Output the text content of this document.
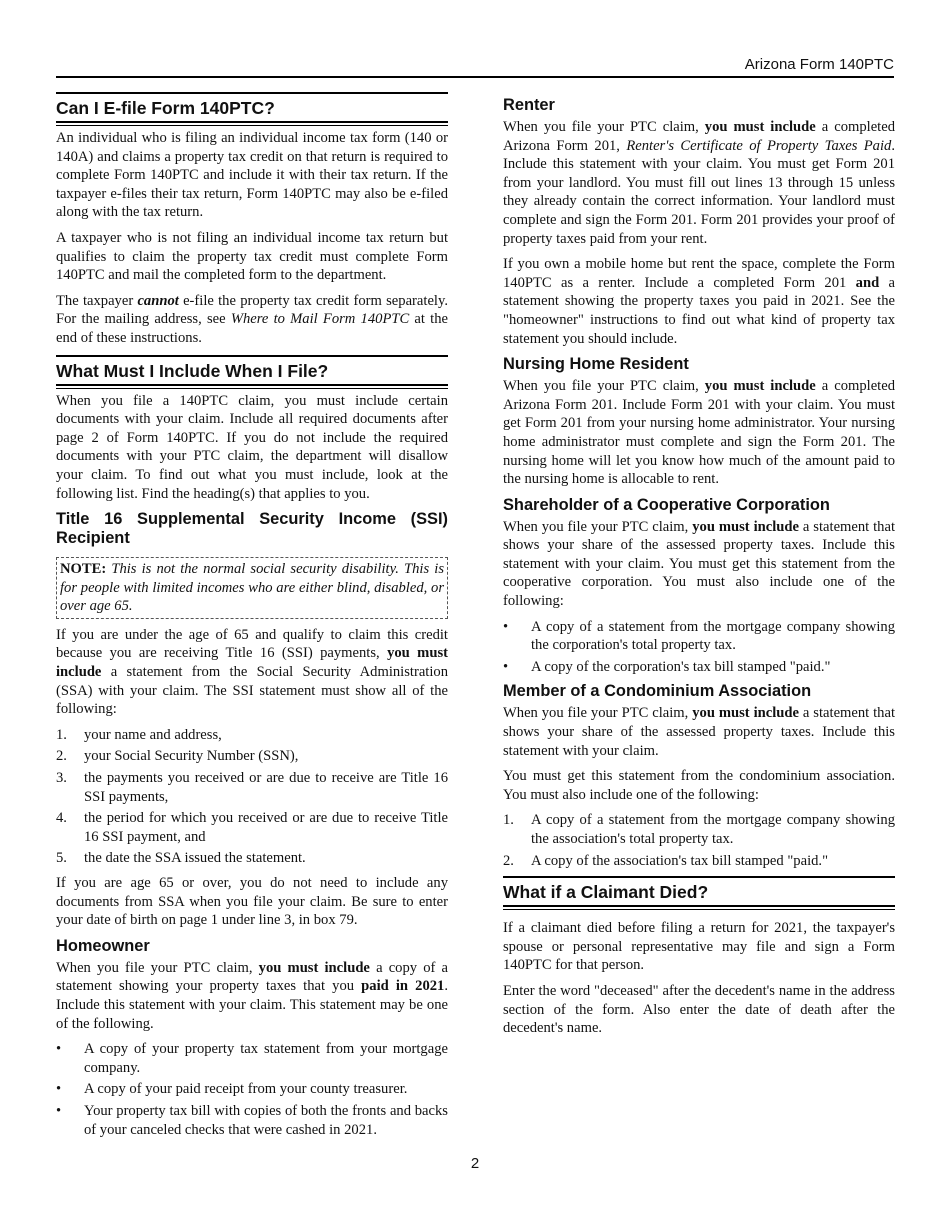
Arizona Form 140PTC
Can I E-file Form 140PTC?

An individual who is filing an individual income tax form (140 or 140A) and claims a property tax credit on that return is required to complete Form 140PTC and include it with their tax return. If the taxpayer e-files their tax return, Form 140PTC may also be e-filed along with the tax return.

A taxpayer who is not filing an individual income tax return but qualifies to claim the property tax credit must complete Form 140PTC and mail the completed form to the department.

The taxpayer cannot e-file the property tax credit form separately. For the mailing address, see Where to Mail Form 140PTC at the end of these instructions.

What Must I Include When I File?

When you file a 140PTC claim, you must include certain documents with your claim. Include all required documents after page 2 of Form 140PTC. If you do not include the required documents with your PTC claim, the department will disallow your claim. To find out what you must include, look at the following list. Find the heading(s) that applies to you.

Title 16 Supplemental Security Income (SSI) Recipient
NOTE: This is not the normal social security disability. This is for people with limited incomes who are either blind, disabled, or over age 65.

If you are under the age of 65 and qualify to claim this credit because you are receiving Title 16 (SSI) payments, you must include a statement from the Social Security Administration (SSA) with your claim. The SSI statement must show all of the following:

1. your name and address,
2. your Social Security Number (SSN),
3. the payments you received or are due to receive are Title 16 SSI payments,
4. the period for which you received or are due to receive Title 16 SSI payment, and
5. the date the SSA issued the statement.

If you are age 65 or over, you do not need to include any documents from SSA when you file your claim. Be sure to enter your date of birth on page 1 under line 3, in box 79.

Homeowner

When you file your PTC claim, you must include a copy of a statement showing your property taxes that you paid in 2021. Include this statement with your claim. This statement may be one of the following.

• A copy of your property tax statement from your mortgage company.
• A copy of your paid receipt from your county treasurer.
• Your property tax bill with copies of both the fronts and backs of your canceled checks that were cashed in 2021.
Renter

When you file your PTC claim, you must include a completed Arizona Form 201, Renter's Certificate of Property Taxes Paid. Include this statement with your claim. You must get Form 201 from your landlord. You must fill out lines 13 through 15 unless they already contain the correct information. Your landlord must complete and sign the Form 201. Form 201 provides your proof of property taxes paid from your rent.

If you own a mobile home but rent the space, complete the Form 140PTC as a renter. Include a completed Form 201 and a statement showing the property taxes you paid in 2021. See the "homeowner" instructions to find out what kind of property tax statement you should include.

Nursing Home Resident

When you file your PTC claim, you must include a completed Arizona Form 201. Include Form 201 with your claim. You must get Form 201 from your nursing home administrator. Your nursing home administrator must complete and sign the Form 201. The nursing home will let you know how much of the amount paid to the nursing home is allocable to rent.

Shareholder of a Cooperative Corporation

When you file your PTC claim, you must include a statement that shows your share of the assessed property taxes. Include this statement with your claim. You must get this statement from the cooperative corporation. You must also include one of the following:

• A copy of a statement from the mortgage company showing the corporation's total property tax.
• A copy of the corporation's tax bill stamped "paid."
Member of a Condominium Association

When you file your PTC claim, you must include a statement that shows your share of the assessed property taxes. Include this statement with your claim.

You must get this statement from the condominium association. You must also include one of the following:

1. A copy of a statement from the mortgage company showing the association's total property tax.
2. A copy of the association's tax bill stamped "paid."
What if a Claimant Died?

If a claimant died before filing a return for 2021, the taxpayer's spouse or personal representative may file and sign a Form 140PTC for that person.

Enter the word "deceased" after the decedent's name in the address section of the form. Also enter the date of death after the decedent's name.

2
